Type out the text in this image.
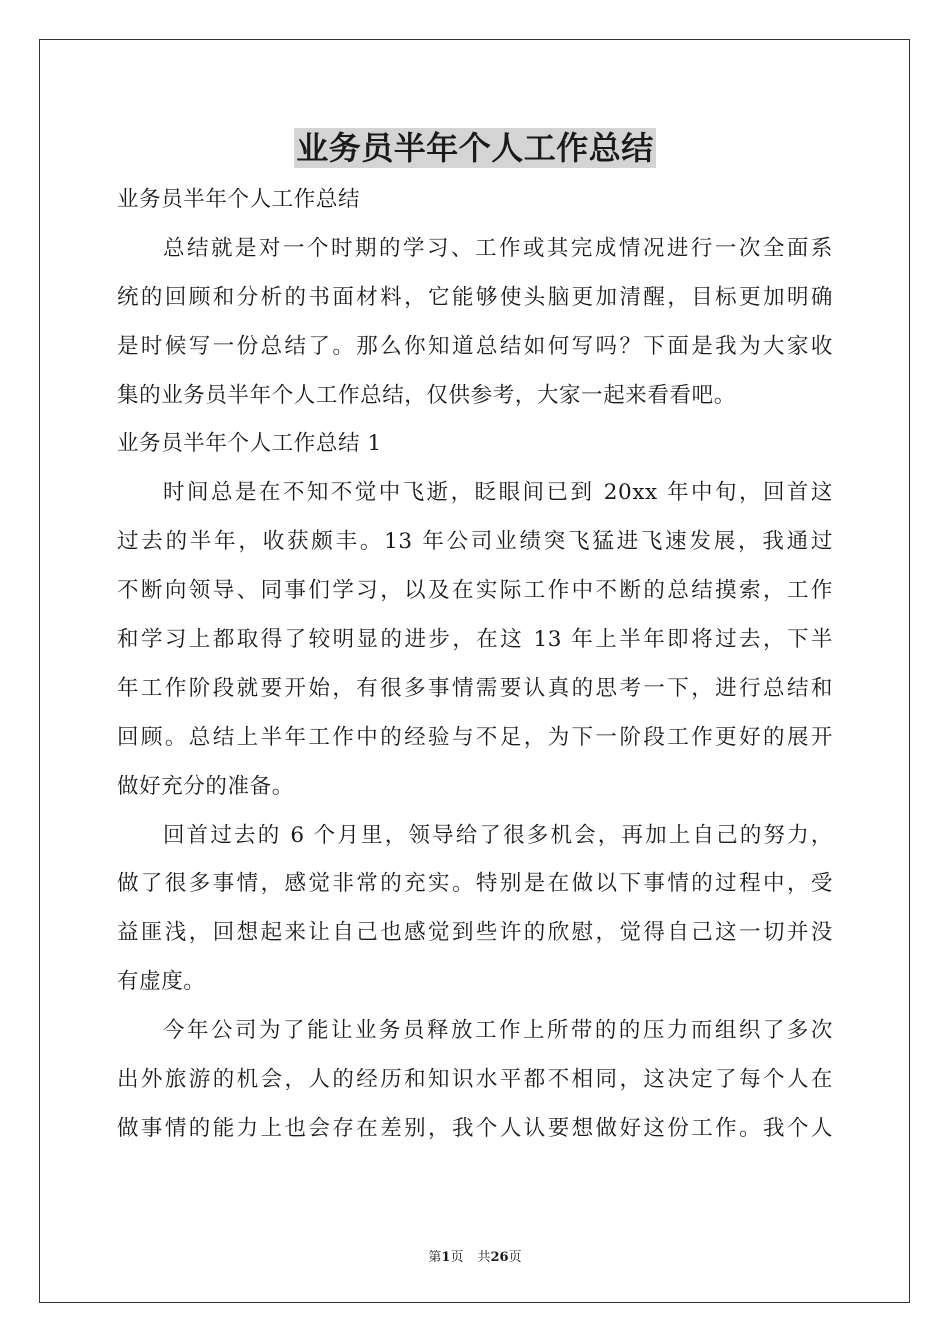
业务员半年个人工作总结
业务员半年个人工作总结
总结就是对一个时期的学习、工作或其完成情况进行一次全面系
统的回顾和分析的书面材料，它能够使头脑更加清醒，目标更加明确
是时候写一份总结了。那么你知道总结如何写吗？下面是我为大家收
集的业务员半年个人工作总结，仅供参考，大家一起来看看吧。
业务员半年个人工作总结 1
时间总是在不知不觉中飞逝，眨眼间已到 20xx 年中旬，回首这
过去的半年，收获颇丰。13 年公司业绩突飞猛进飞速发展，我通过
不断向领导、同事们学习，以及在实际工作中不断的总结摸索，工作
和学习上都取得了较明显的进步，在这 13 年上半年即将过去，下半
年工作阶段就要开始，有很多事情需要认真的思考一下，进行总结和
回顾。总结上半年工作中的经验与不足，为下一阶段工作更好的展开
做好充分的准备。
回首过去的 6 个月里，领导给了很多机会，再加上自己的努力，
做了很多事情，感觉非常的充实。特别是在做以下事情的过程中，受
益匪浅，回想起来让自己也感觉到些许的欣慰，觉得自己这一切并没
有虚度。
今年公司为了能让业务员释放工作上所带的的压力而组织了多次
出外旅游的机会，人的经历和知识水平都不相同，这决定了每个人在
做事情的能力上也会存在差别，我个人认要想做好这份工作。我个人
第1页 共26页
